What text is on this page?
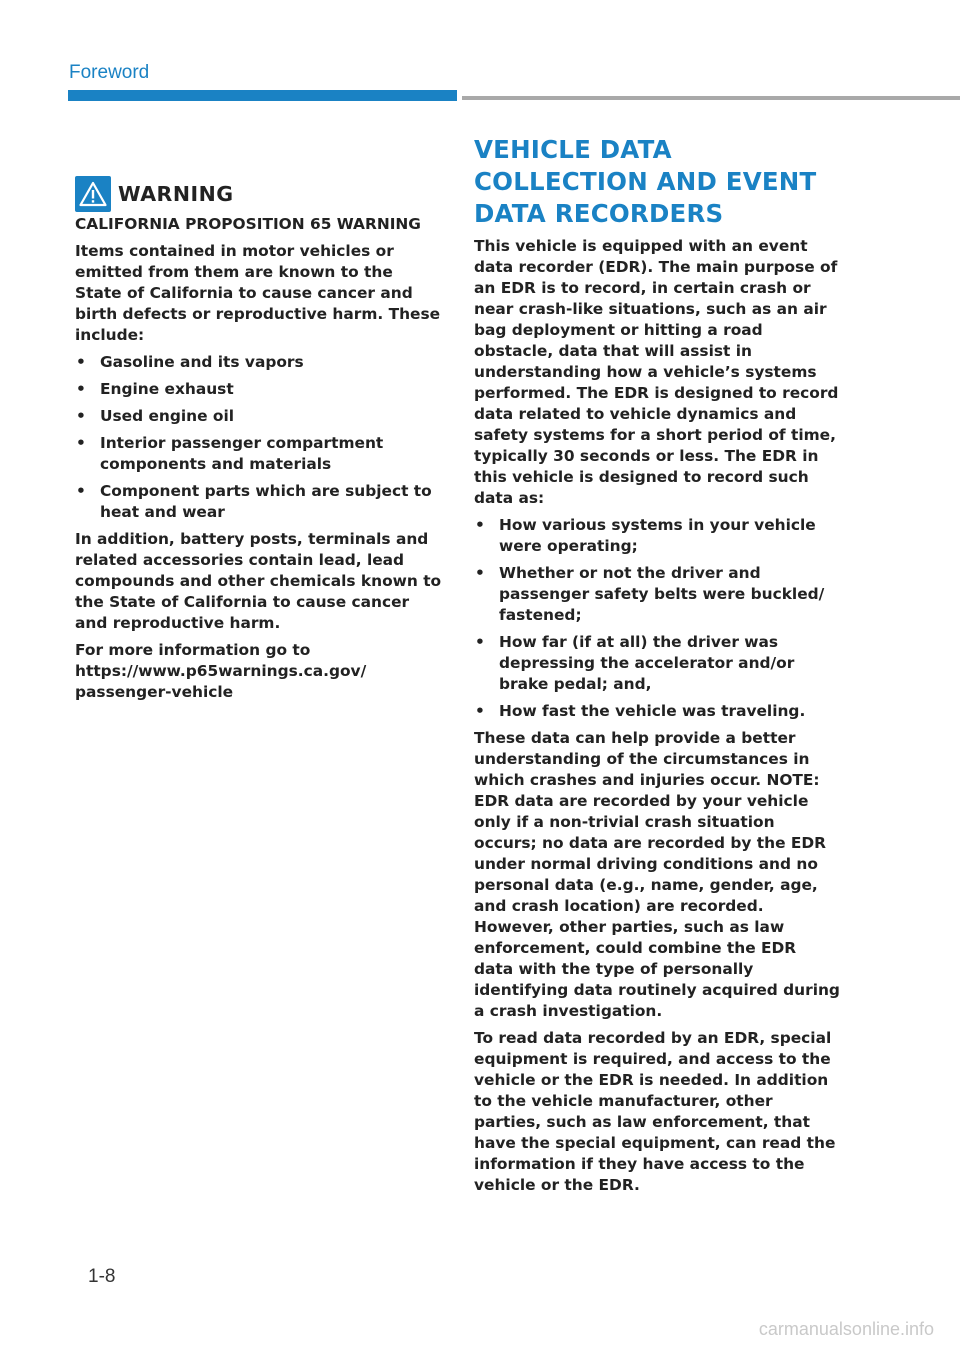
Foreword
WARNING

CALIFORNIA PROPOSITION 65 WARNING

Items contained in motor vehicles or emitted from them are known to the State of California to cause cancer and birth defects or reproductive harm. These include:

• Gasoline and its vapors
• Engine exhaust
• Used engine oil
• Interior passenger compartment components and materials
• Component parts which are subject to heat and wear

In addition, battery posts, terminals and related accessories contain lead, lead compounds and other chemicals known to the State of California to cause cancer and reproductive harm.

For more information go to https://www.p65warnings.ca.gov/ passenger-vehicle

VEHICLE DATA COLLECTION AND EVENT DATA RECORDERS

This vehicle is equipped with an event data recorder (EDR). The main purpose of an EDR is to record, in certain crash or near crash-like situations, such as an air bag deployment or hitting a road obstacle, data that will assist in understanding how a vehicle’s systems performed. The EDR is designed to record data related to vehicle dynamics and safety systems for a short period of time, typically 30 seconds or less. The EDR in this vehicle is designed to record such data as:

• How various systems in your vehicle were operating;
• Whether or not the driver and passenger safety belts were buckled/ fastened;
• How far (if at all) the driver was depressing the accelerator and/or brake pedal; and,
• How fast the vehicle was traveling.

These data can help provide a better understanding of the circumstances in which crashes and injuries occur. NOTE: EDR data are recorded by your vehicle only if a non-trivial crash situation occurs; no data are recorded by the EDR under normal driving conditions and no personal data (e.g., name, gender, age, and crash location) are recorded. However, other parties, such as law enforcement, could combine the EDR data with the type of personally identifying data routinely acquired during a crash investigation.

To read data recorded by an EDR, special equipment is required, and access to the vehicle or the EDR is needed. In addition to the vehicle manufacturer, other parties, such as law enforcement, that have the special equipment, can read the information if they have access to the vehicle or the EDR.

1-8
carmanualsonline.info
